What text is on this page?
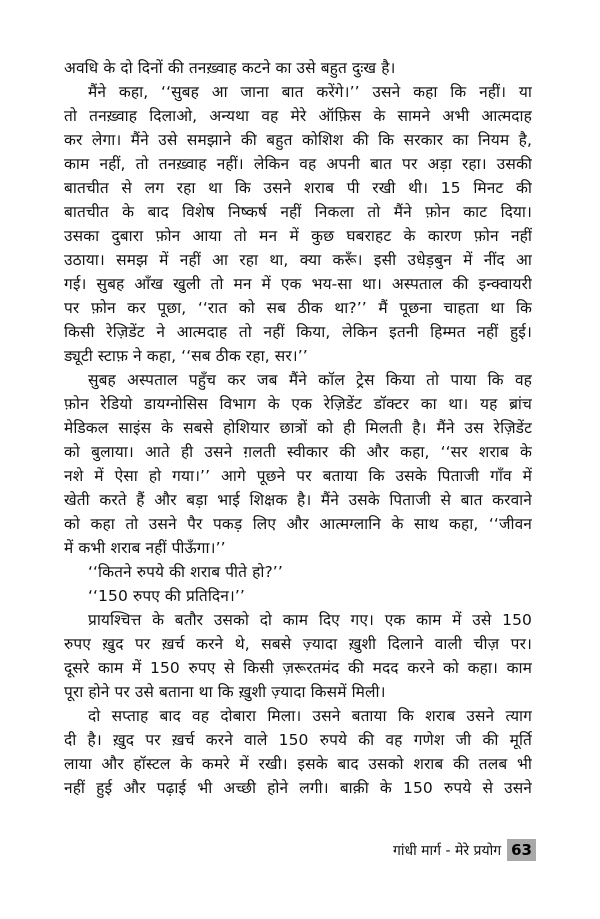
अवधि के दो दिनों की तनख़्वाह कटने का उसे बहुत दुःख है।
मैंने कहा, ‘‘सुबह आ जाना बात करेंगे।’’ उसने कहा कि नहीं। या
तो तनख़्वाह दिलाओ, अन्यथा वह मेरे ऑफ़िस के सामने अभी आत्मदाह
कर लेगा। मैंने उसे समझाने की बहुत कोशिश की कि सरकार का नियम है,
काम नहीं, तो तनख़्वाह नहीं। लेकिन वह अपनी बात पर अड़ा रहा। उसकी
बातचीत से लग रहा था कि उसने शराब पी रखी थी। 15 मिनट की
बातचीत के बाद विशेष निष्कर्ष नहीं निकला तो मैंने फ़ोन काट दिया।
उसका दुबारा फ़ोन आया तो मन में कुछ घबराहट के कारण फ़ोन नहीं
उठाया। समझ में नहीं आ रहा था, क्या करूँ। इसी उधेड़बुन में नींद आ
गई। सुबह आँख खुली तो मन में एक भय-सा था। अस्पताल की इन्क्वायरी
पर फ़ोन कर पूछा, ‘‘रात को सब ठीक था?’’ मैं पूछना चाहता था कि
किसी रेज़िडेंट ने आत्मदाह तो नहीं किया, लेकिन इतनी हिम्मत नहीं हुई।
ड्यूटी स्टाफ़ ने कहा, ‘‘सब ठीक रहा, सर।’’
सुबह अस्पताल पहुँच कर जब मैंने कॉल ट्रेस किया तो पाया कि वह
फ़ोन रेडियो डायग्नोसिस विभाग के एक रेज़िडेंट डॉक्टर का था। यह ब्रांच
मेडिकल साइंस के सबसे होशियार छात्रों को ही मिलती है। मैंने उस रेज़िडेंट
को बुलाया। आते ही उसने ग़लती स्वीकार की और कहा, ‘‘सर शराब के
नशे में ऐसा हो गया।’’ आगे पूछने पर बताया कि उसके पिताजी गाँव में
खेती करते हैं और बड़ा भाई शिक्षक है। मैंने उसके पिताजी से बात करवाने
को कहा तो उसने पैर पकड़ लिए और आत्मग्लानि के साथ कहा, ‘‘जीवन
में कभी शराब नहीं पीऊँगा।’’
‘‘कितने रुपये की शराब पीते हो?’’
‘‘150 रुपए की प्रतिदिन।’’
प्रायश्चित्त के बतौर उसको दो काम दिए गए। एक काम में उसे 150
रुपए ख़ुद पर ख़र्च करने थे, सबसे ज़्यादा ख़ुशी दिलाने वाली चीज़ पर।
दूसरे काम में 150 रुपए से किसी ज़रूरतमंद की मदद करने को कहा। काम
पूरा होने पर उसे बताना था कि ख़ुशी ज़्यादा किसमें मिली।
दो सप्ताह बाद वह दोबारा मिला। उसने बताया कि शराब उसने त्याग
दी है। ख़ुद पर ख़र्च करने वाले 150 रुपये की वह गणेश जी की मूर्ति
लाया और हॉस्टल के कमरे में रखी। इसके बाद उसको शराब की तलब भी
नहीं हुई और पढ़ाई भी अच्छी होने लगी। बाक़ी के 150 रुपये से उसने
गांधी मार्ग - मेरे प्रयोग 63
